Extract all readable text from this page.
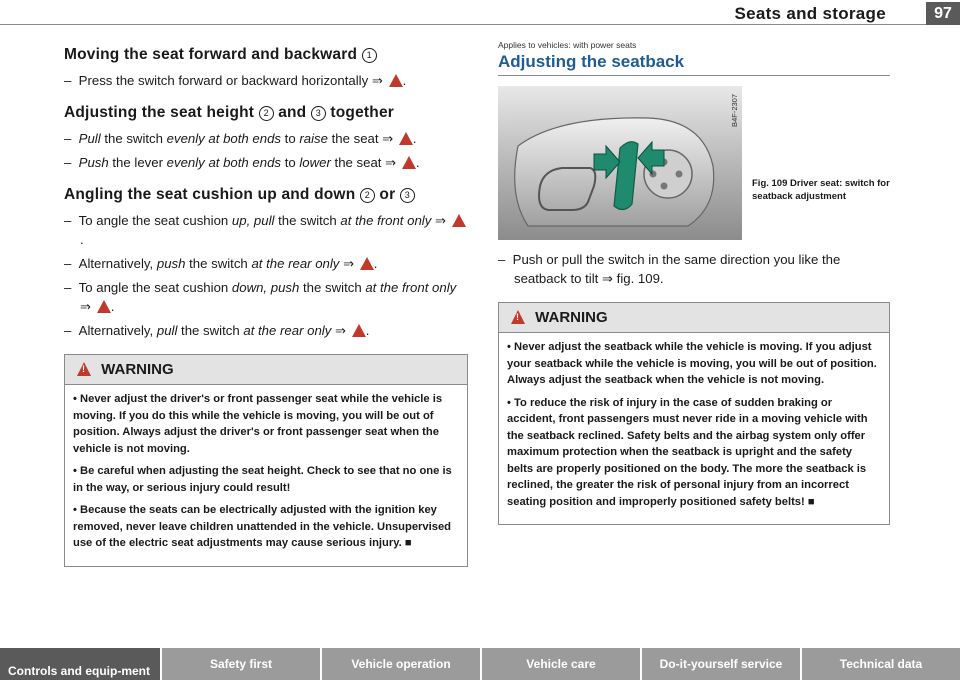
Seats and storage	97
Moving the seat forward and backward 1

–  Press the switch forward or backward horizontally ⇒ ! .

Adjusting the seat height 2 and 3 together

–  Pull the switch evenly at both ends to raise the seat ⇒ ! .

–  Push the lever evenly at both ends to lower the seat ⇒ ! .

Angling the seat cushion up and down 2 or 3

–  To angle the seat cushion up, pull the switch at the front only ⇒ !.

–  Alternatively, push the switch at the rear only ⇒ ! .

–  To angle the seat cushion down, push the switch at the front only ⇒ ! .

–  Alternatively, pull the switch at the rear only ⇒ ! .

! WARNING

• Never adjust the driver's or front passenger seat while the vehicle is moving. If you do this while the vehicle is moving, you will be out of position. Always adjust the driver's or front passenger seat when the vehicle is not moving.

• Be careful when adjusting the seat height. Check to see that no one is in the way, or serious injury could result!

• Because the seats can be electrically adjusted with the ignition key removed, never leave children unattended in the vehicle. Unsupervised use of the electric seat adjustments may cause serious injury. ■

Applies to vehicles: with power seats

Adjusting the seatback
B4F-2307
Fig. 109 Driver seat: switch for seatback adjustment

–  Push or pull the switch in the same direction you like the seatback to tilt ⇒ fig. 109.

! WARNING

• Never adjust the seatback while the vehicle is moving. If you adjust your seatback while the vehicle is moving, you will be out of position. Always adjust the seatback when the vehicle is not moving.

• To reduce the risk of injury in the case of sudden braking or accident, front passengers must never ride in a moving vehicle with the seatback reclined. Safety belts and the airbag system only offer maximum protection when the seatback is upright and the safety belts are properly positioned on the body. The more the seatback is reclined, the greater the risk of personal injury from an incorrect seating position and improperly positioned safety belts! ■

Controls and equip-ment	Safety first	Vehicle operation	Vehicle care	Do-it-yourself service	Technical data
